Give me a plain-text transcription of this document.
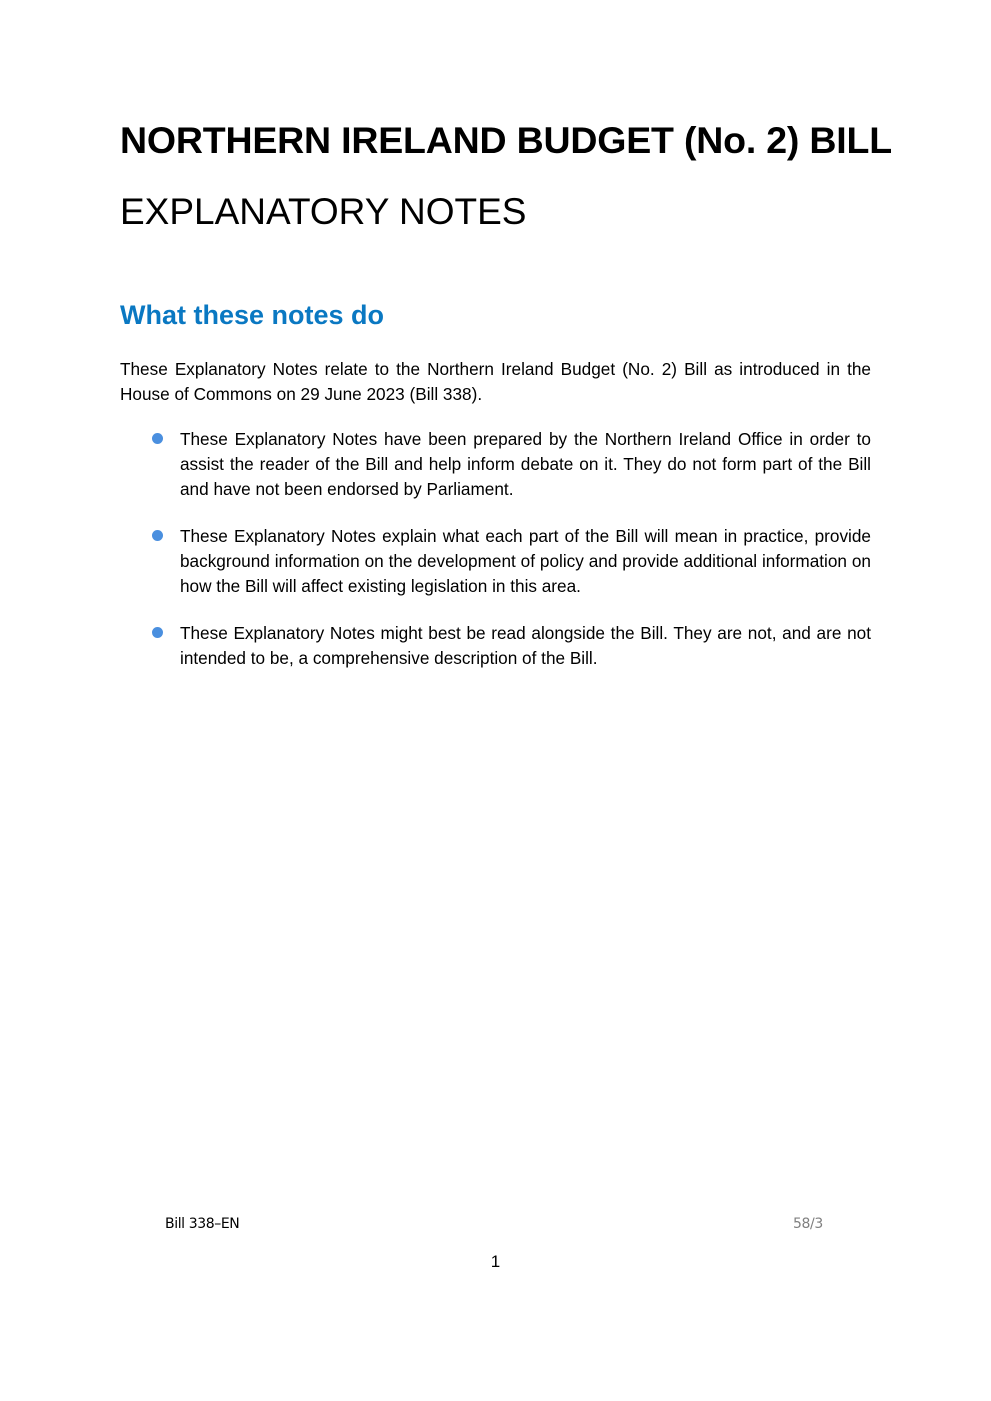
NORTHERN IRELAND BUDGET (No. 2) BILL
EXPLANATORY NOTES
What these notes do

These Explanatory Notes relate to the Northern Ireland Budget (No. 2) Bill as introduced in the House of Commons on 29 June 2023 (Bill 338).

These Explanatory Notes have been prepared by the Northern Ireland Office in order to assist the reader of the Bill and help inform debate on it. They do not form part of the Bill and have not been endorsed by Parliament.
These Explanatory Notes explain what each part of the Bill will mean in practice, provide background information on the development of policy and provide additional information on how the Bill will affect existing legislation in this area.
These Explanatory Notes might best be read alongside the Bill. They are not, and are not intended to be, a comprehensive description of the Bill.
Bill 338–EN	58/3
1
